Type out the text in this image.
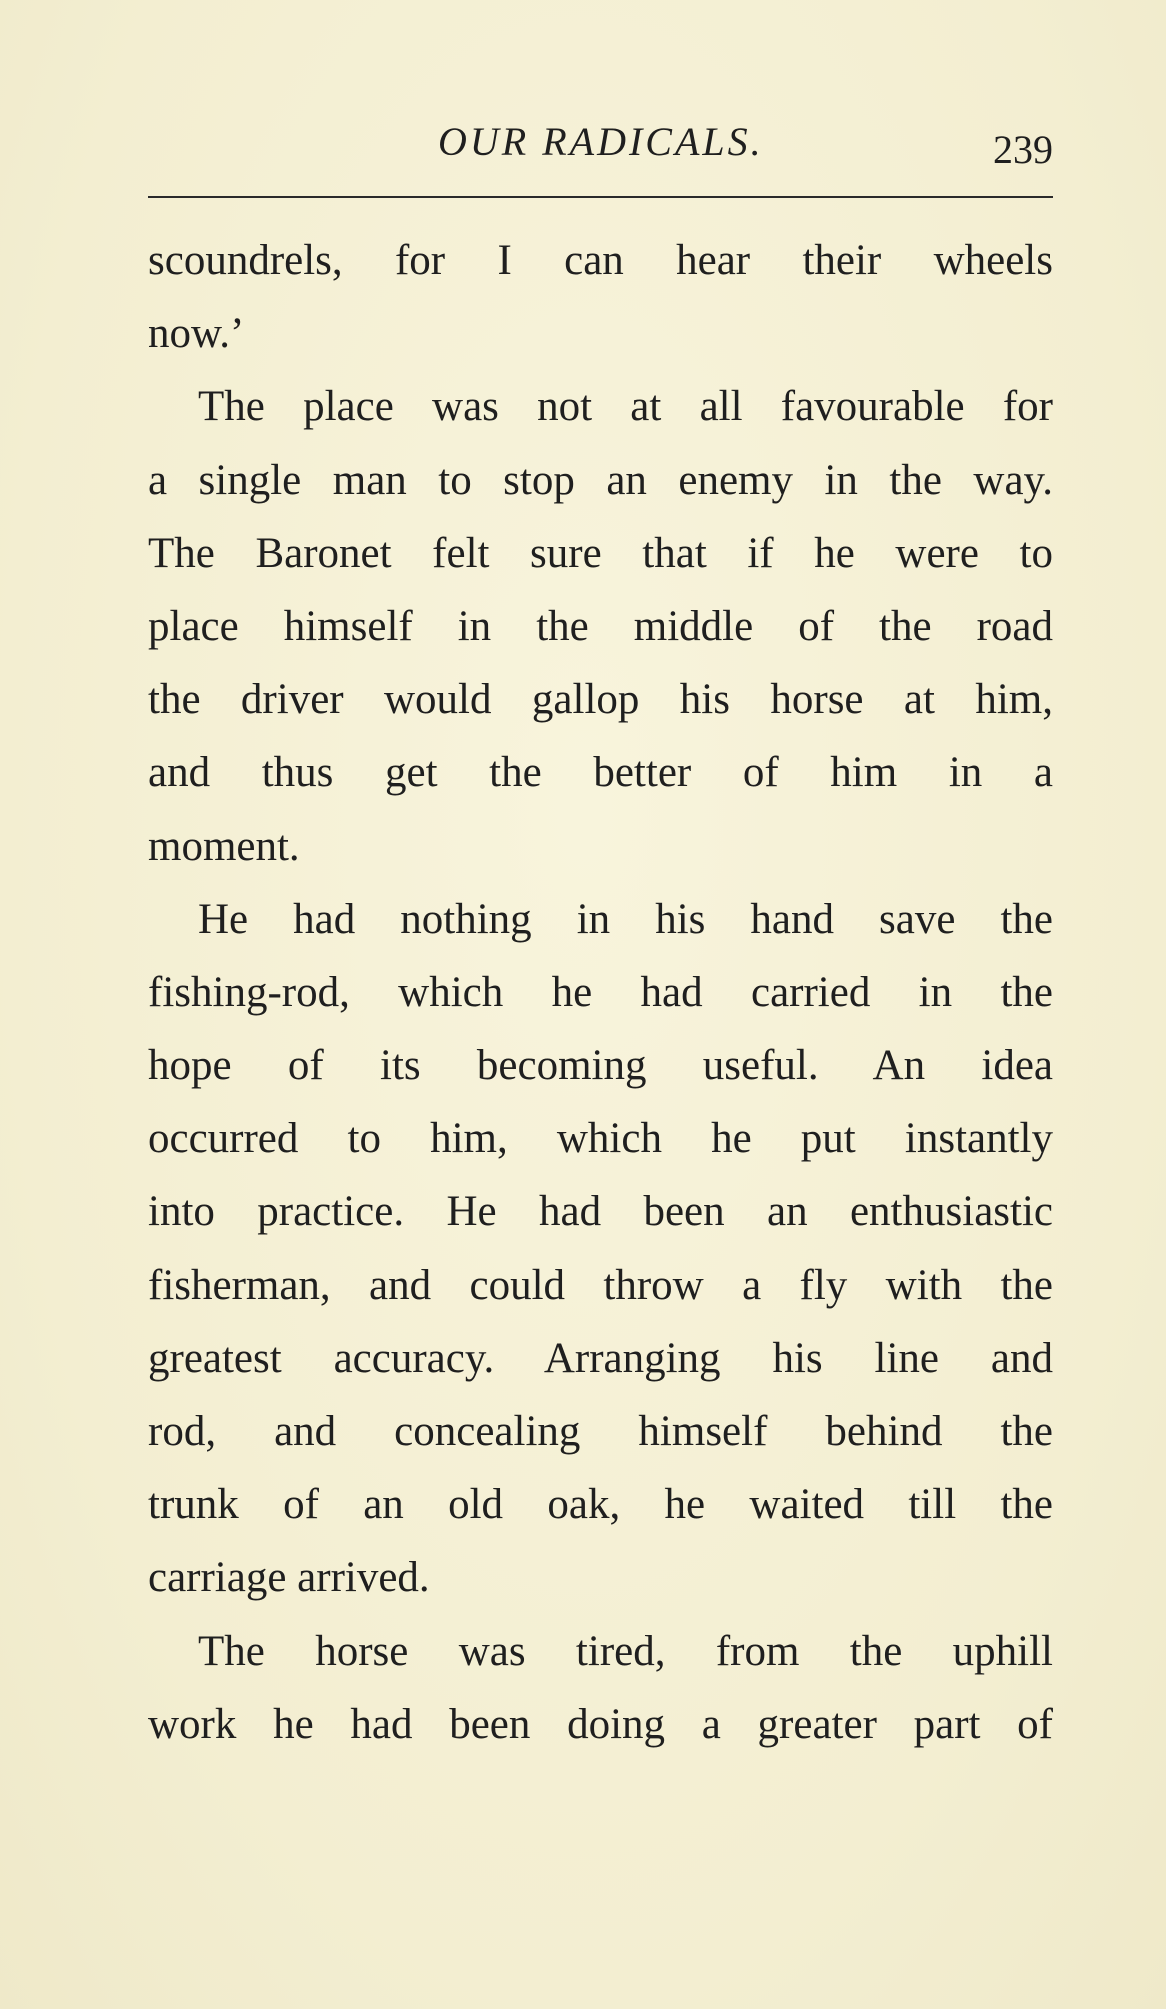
OUR RADICALS.	239
scoundrels, for I can hear their wheels
now.’
The place was not at all favourable for
a single man to stop an enemy in the way.
The Baronet felt sure that if he were to
place himself in the middle of the road
the driver would gallop his horse at him,
and thus get the better of him in a
moment.
He had nothing in his hand save the
fishing-rod, which he had carried in the
hope of its becoming useful. An idea
occurred to him, which he put instantly
into practice. He had been an enthusiastic
fisherman, and could throw a fly with the
greatest accuracy. Arranging his line and
rod, and concealing himself behind the
trunk of an old oak, he waited till the
carriage arrived.
The horse was tired, from the uphill
work he had been doing a greater part of
